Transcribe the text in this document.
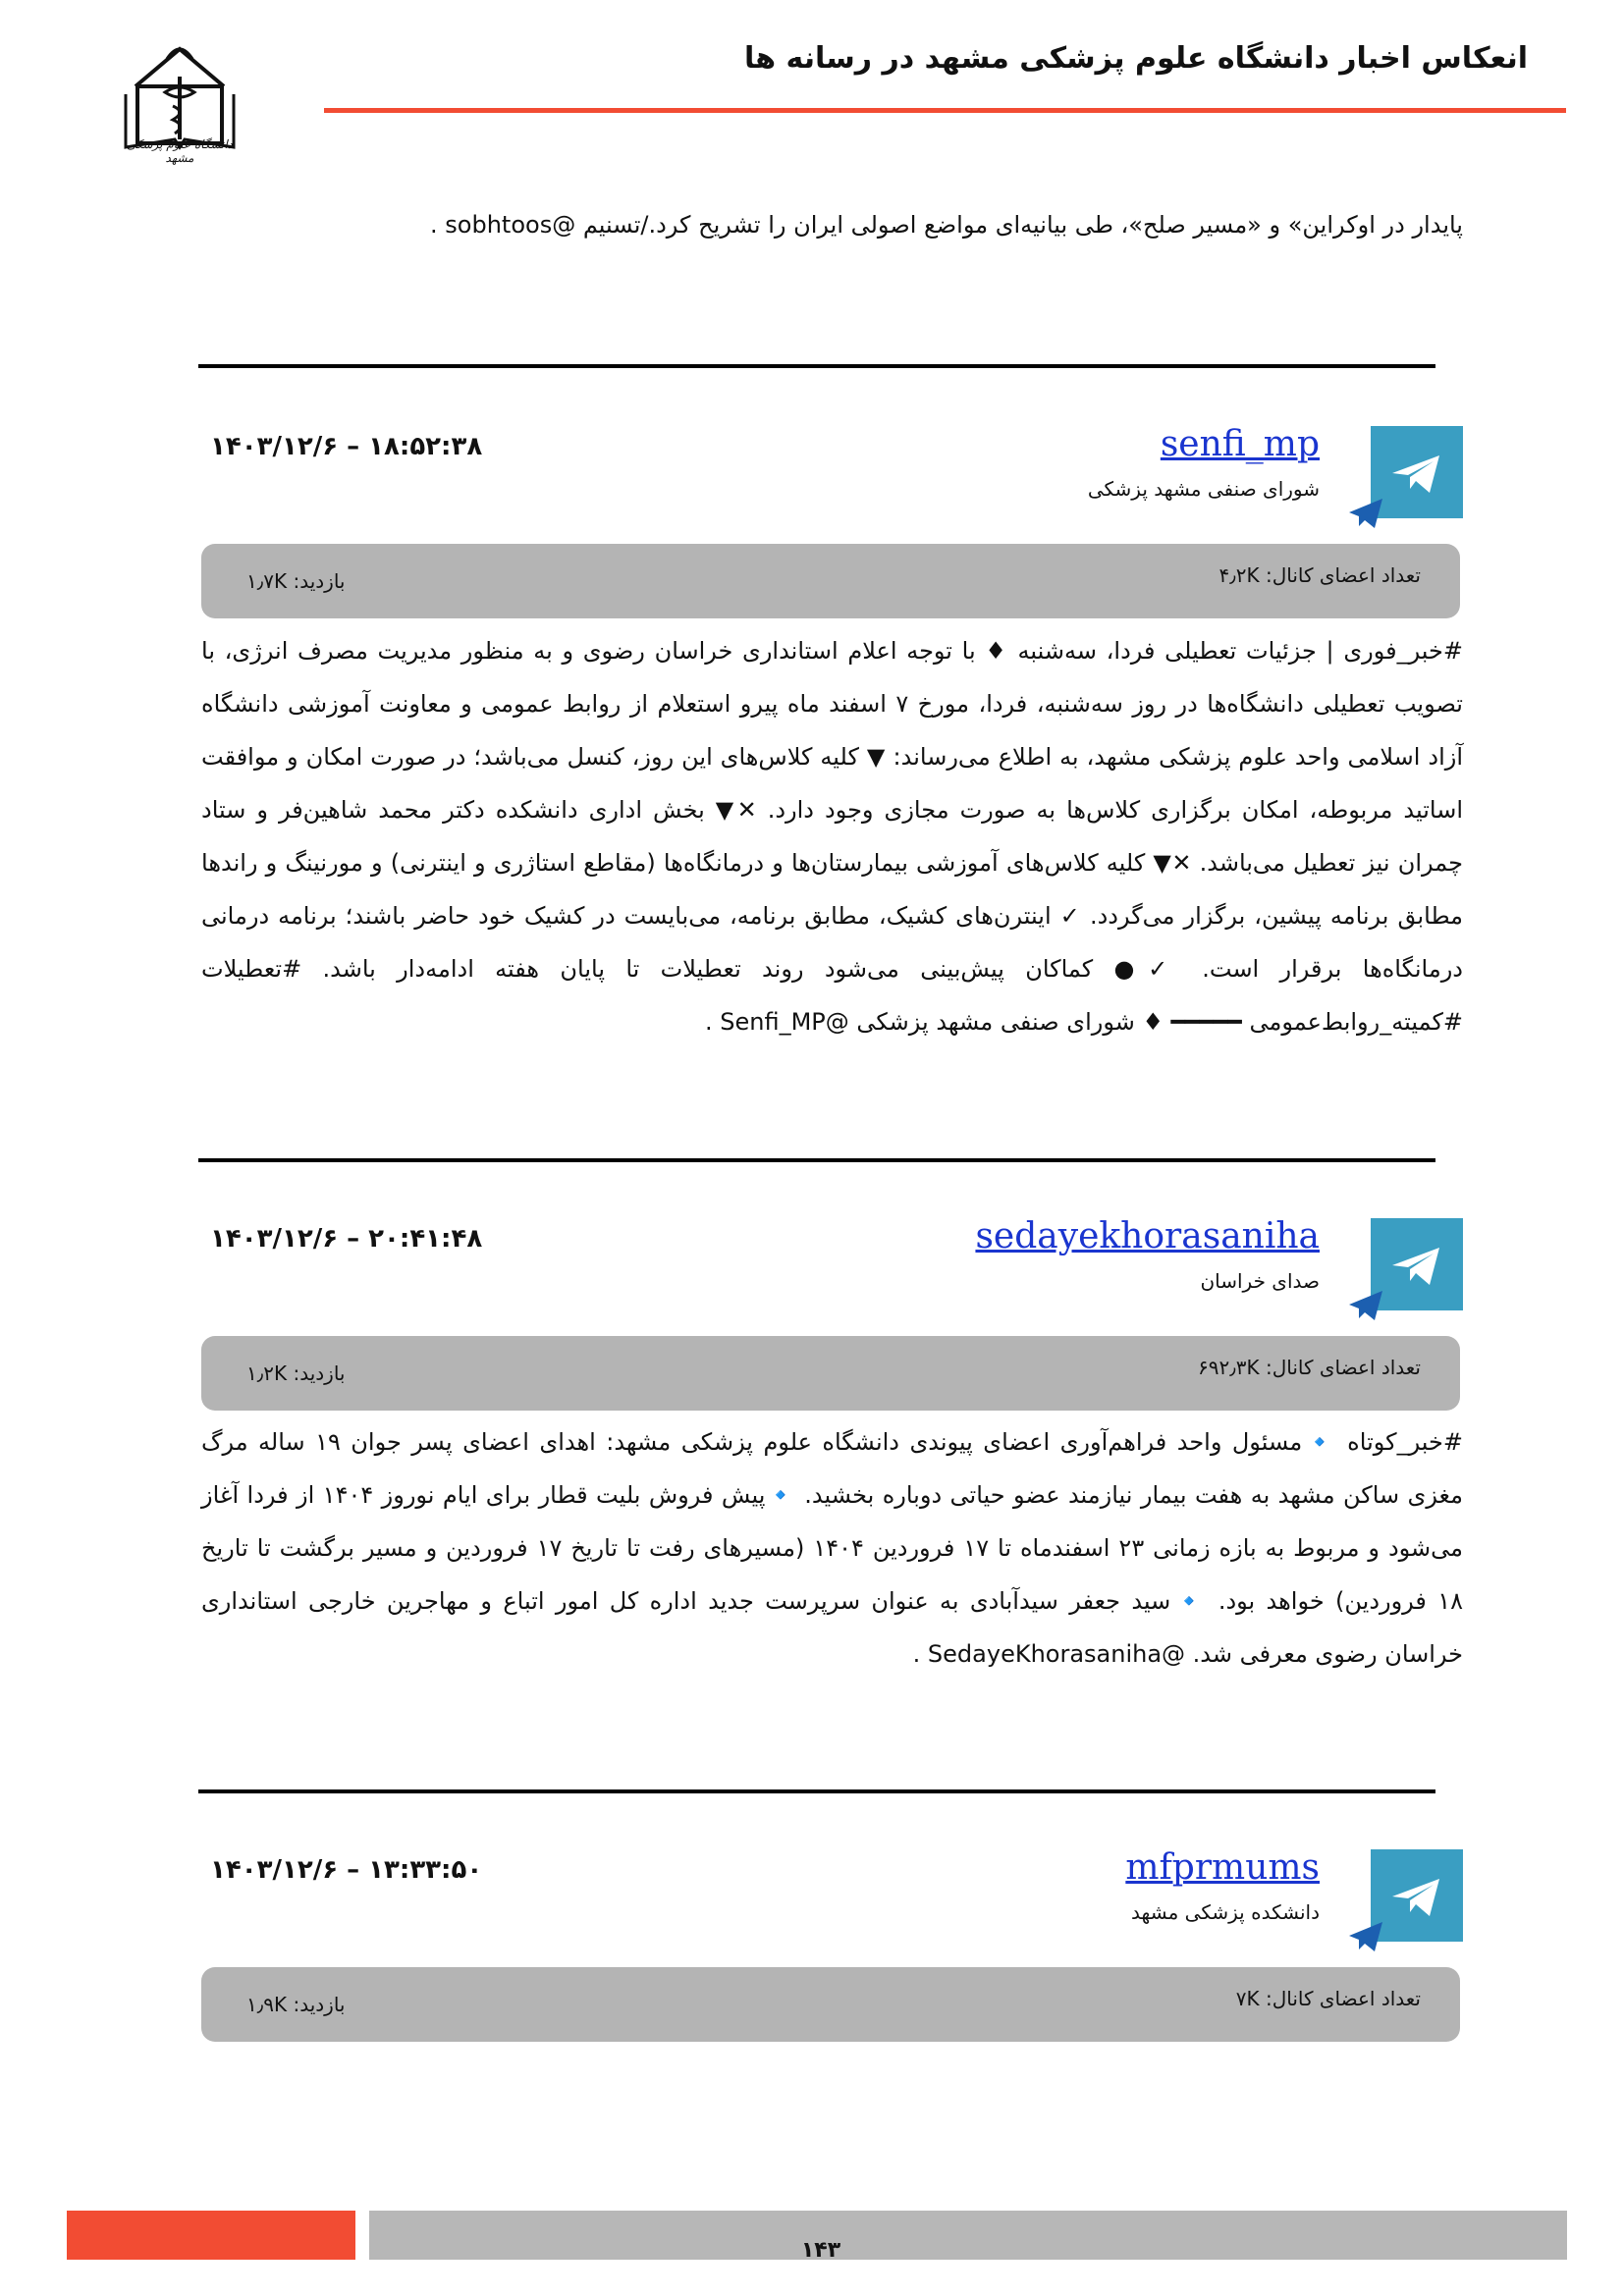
انعکاس اخبار دانشگاه علوم پزشکی مشهد در رسانه ها
دانشگاه علوم پزشکی مشهد
پایدار در اوکراین» و «مسیر صلح»، طی بیانیه‌ای مواضع اصولی ایران را تشریح کرد./تسنیم @sobhtoos .
senfi_mp
شورای صنفی مشهد پزشکی
۱۴۰۳/۱۲/۶ – ۱۸:۵۲:۳۸
تعداد اعضای کانال: ۴٫۲K
بازدید: ۱٫۷K
#خبر_فوری | جزئیات تعطیلی فردا، سه‌شنبه ♦ با توجه اعلام استانداری خراسان رضوی و به منظور مدیریت مصرف انرژی، با تصویب تعطیلی دانشگاه‌ها در روز سه‌شنبه، فردا، مورخ ۷ اسفند ماه پیرو استعلام از روابط عمومی و معاونت آموزشی دانشگاه آزاد اسلامی واحد علوم پزشکی مشهد، به اطلاع می‌رساند: ▼ کلیه کلاس‌های این روز، کنسل می‌باشد؛ در صورت امکان و موافقت اساتید مربوطه، امکان برگزاری کلاس‌ها به صورت مجازی وجود دارد. ✕▼ بخش اداری دانشکده دکتر محمد شاهین‌فر و ستاد چمران نیز تعطیل می‌باشد. ✕▼ کلیه کلاس‌های آموزشی بیمارستان‌ها و درمانگاه‌ها (مقاطع استاژری و اینترنی) و مورنینگ و راندها مطابق برنامه پیشین، برگزار می‌گردد. ✓ اینترن‌های کشیک، مطابق برنامه، می‌بایست در کشیک خود حاضر باشند؛ برنامه درمانی درمانگاه‌ها برقرار است. ✓● کماکان پیش‌بینی می‌شود روند تعطیلات تا پایان هفته ادامه‌دار باشد. #تعطیلات #کمیته_روابط‌عمومی ━━━━━ ♦ شورای صنفی مشهد پزشکی @Senfi_MP .
sedayekhorasaniha
صدای خراسان
۱۴۰۳/۱۲/۶ – ۲۰:۴۱:۴۸
تعداد اعضای کانال: ۶۹۲٫۳K
بازدید: ۱٫۲K
#خبر_کوتاه 🔹مسئول واحد فراهم‌آوری اعضای پیوندی دانشگاه علوم پزشکی مشهد: اهدای اعضای پسر جوان ۱۹ ساله مرگ مغزی ساکن مشهد به هفت بیمار نیازمند عضو حیاتی دوباره بخشید. 🔹پیش فروش بلیت قطار برای ایام نوروز ۱۴۰۴ از فردا آغاز می‌شود و مربوط به بازه زمانی ۲۳ اسفندماه تا ۱۷ فروردین ۱۴۰۴ (مسیرهای رفت تا تاریخ ۱۷ فروردین و مسیر برگشت تا تاریخ ۱۸ فروردین) خواهد بود. 🔹سید جعفر سیدآبادی به عنوان سرپرست جدید اداره کل امور اتباع و مهاجرین خارجی استانداری خراسان رضوی معرفی شد. @SedayeKhorasaniha .
mfprmums
دانشکده پزشکی مشهد
۱۴۰۳/۱۲/۶ – ۱۳:۳۳:۵۰
تعداد اعضای کانال: ۷K
بازدید: ۱٫۹K
۱۴۳
